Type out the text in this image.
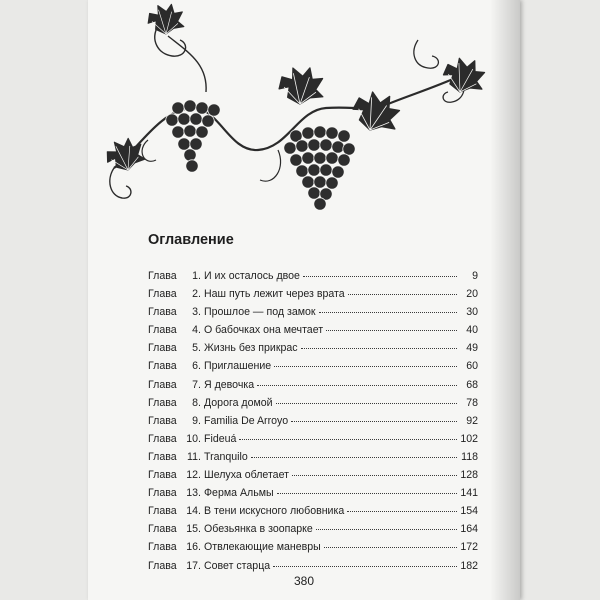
Оглавление
Глава	1. И их осталось двое	9
Глава	2. Наш путь лежит через врата	20
Глава	3. Прошлое — под замок	30
Глава	4. О бабочках она мечтает	40
Глава	5. Жизнь без прикрас	49
Глава	6. Приглашение	60
Глава	7. Я девочка	68
Глава	8. Дорога домой	78
Глава	9. Familia De Arroyo	92
Глава 10. Fideuá	102
Глава 11. Tranquilo	118
Глава 12. Шелуха облетает	128
Глава 13. Ферма Альмы	141
Глава 14. В тени искусного любовника	154
Глава 15. Обезьянка в зоопарке	164
Глава 16. Отвлекающие маневры	172
Глава 17. Совет старца	182
380
